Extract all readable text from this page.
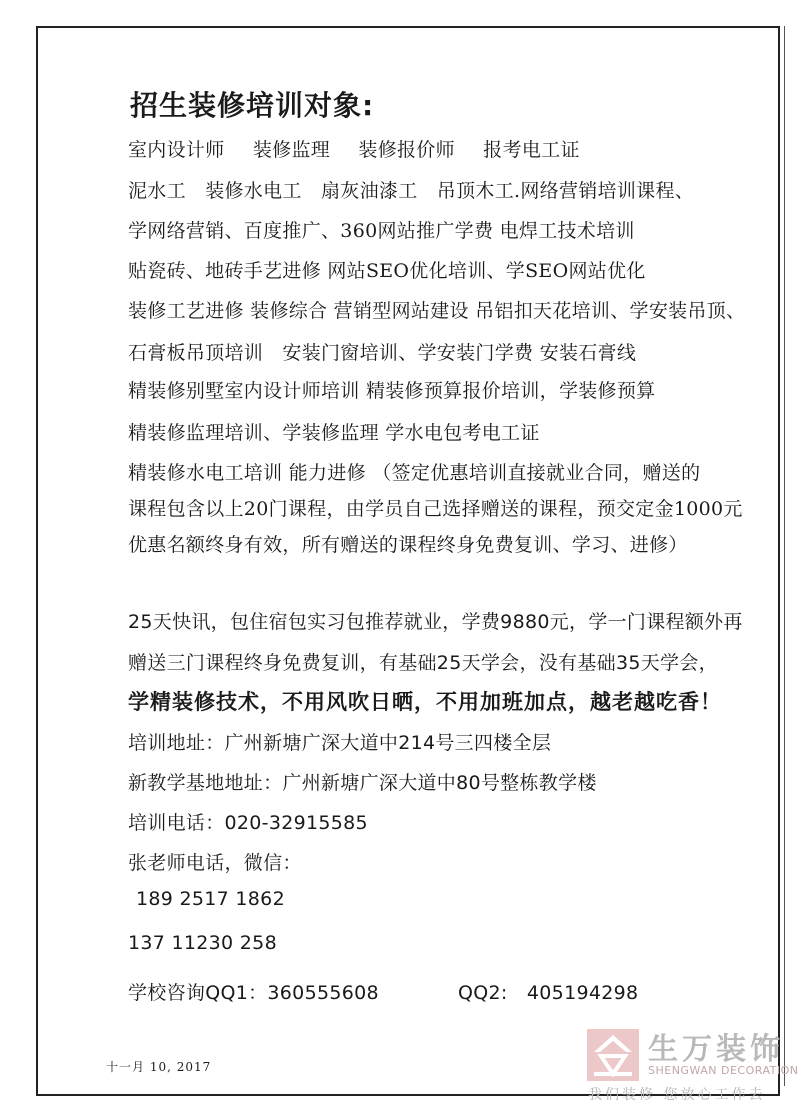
招生装修培训对象:
室内设计师 装修监理 装修报价师 报考电工证
泥水工　装修水电工　扇灰油漆工　吊顶木工.网络营销培训课程、
学网络营销、百度推广、360网站推广学费 电焊工技术培训
贴瓷砖、地砖手艺进修 网站SEO优化培训、学SEO网站优化
装修工艺进修 装修综合 营销型网站建设 吊铝扣天花培训、学安装吊顶、
石膏板吊顶培训　安装门窗培训、学安装门学费 安装石膏线
精装修别墅室内设计师培训 精装修预算报价培训，学装修预算
精装修监理培训、学装修监理 学水电包考电工证
精装修水电工培训 能力进修 （签定优惠培训直接就业合同，赠送的
课程包含以上20门课程，由学员自己选择赠送的课程，预交定金1000元
优惠名额终身有效，所有赠送的课程终身免费复训、学习、进修）
25天快讯，包住宿包实习包推荐就业，学费9880元，学一门课程额外再
赠送三门课程终身免费复训，有基础25天学会，没有基础35天学会，
学精装修技术，不用风吹日晒，不用加班加点，越老越吃香！
培训地址：广州新塘广深大道中214号三四楼全层
新教学基地地址：广州新塘广深大道中80号整栋教学楼
培训电话：020-32915585
张老师电话，微信：
189 2517 1862
137 11230 258
学校咨询QQ1：360555608	QQ2:　405194298
十一月 10, 2017	生万装饰
SHENGWAN DECORATION
我们装修 您放心工作去
